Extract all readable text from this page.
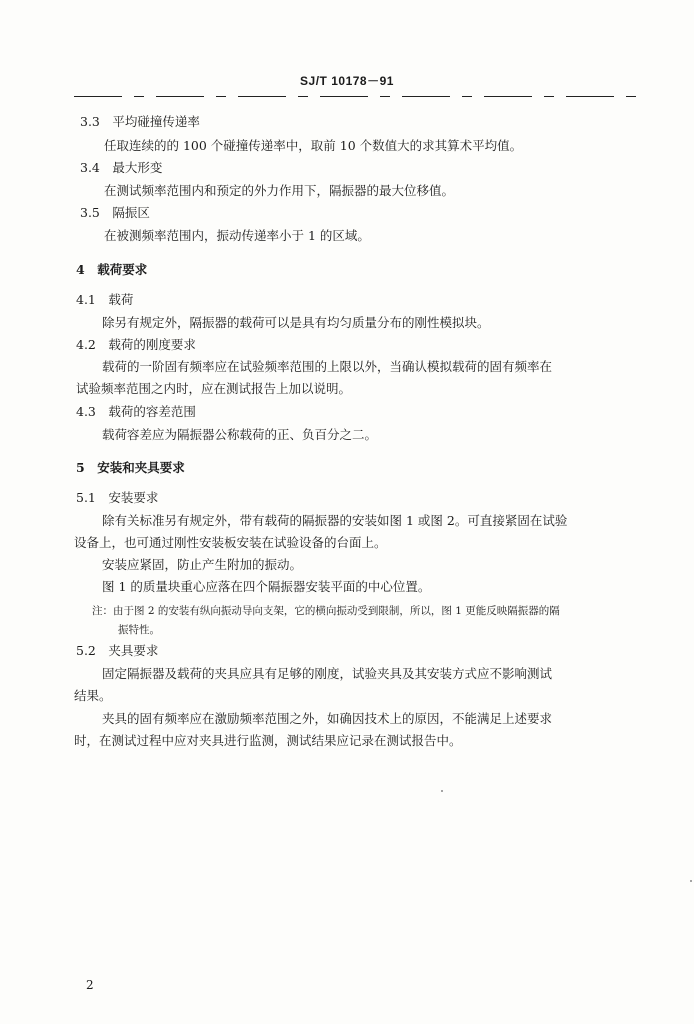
SJ/T 10178－91
3.3　平均碰撞传递率
任取连续的的 100 个碰撞传递率中，取前 10 个数值大的求其算术平均值。
3.4　最大形变
在测试频率范围内和预定的外力作用下，隔振器的最大位移值。
3.5　隔振区
在被测频率范围内，振动传递率小于 1 的区域。
4　载荷要求
4.1　载荷
除另有规定外，隔振器的载荷可以是具有均匀质量分布的刚性模拟块。
4.2　载荷的刚度要求
载荷的一阶固有频率应在试验频率范围的上限以外，当确认模拟载荷的固有频率在
试验频率范围之内时，应在测试报告上加以说明。
4.3　载荷的容差范围
载荷容差应为隔振器公称载荷的正、负百分之二。
5　安装和夹具要求
5.1　安装要求
除有关标准另有规定外，带有载荷的隔振器的安装如图 1 或图 2。可直接紧固在试验
设备上，也可通过刚性安装板安装在试验设备的台面上。
安装应紧固，防止产生附加的振动。
图 1 的质量块重心应落在四个隔振器安装平面的中心位置。
注：由于图 2 的安装有纵向振动导向支架，它的横向振动受到限制，所以，图 1 更能反映隔振器的隔
振特性。
5.2　夹具要求
固定隔振器及载荷的夹具应具有足够的刚度，试验夹具及其安装方式应不影响测试
结果。
夹具的固有频率应在激励频率范围之外，如确因技术上的原因，不能满足上述要求
时，在测试过程中应对夹具进行监测，测试结果应记录在测试报告中。
2
